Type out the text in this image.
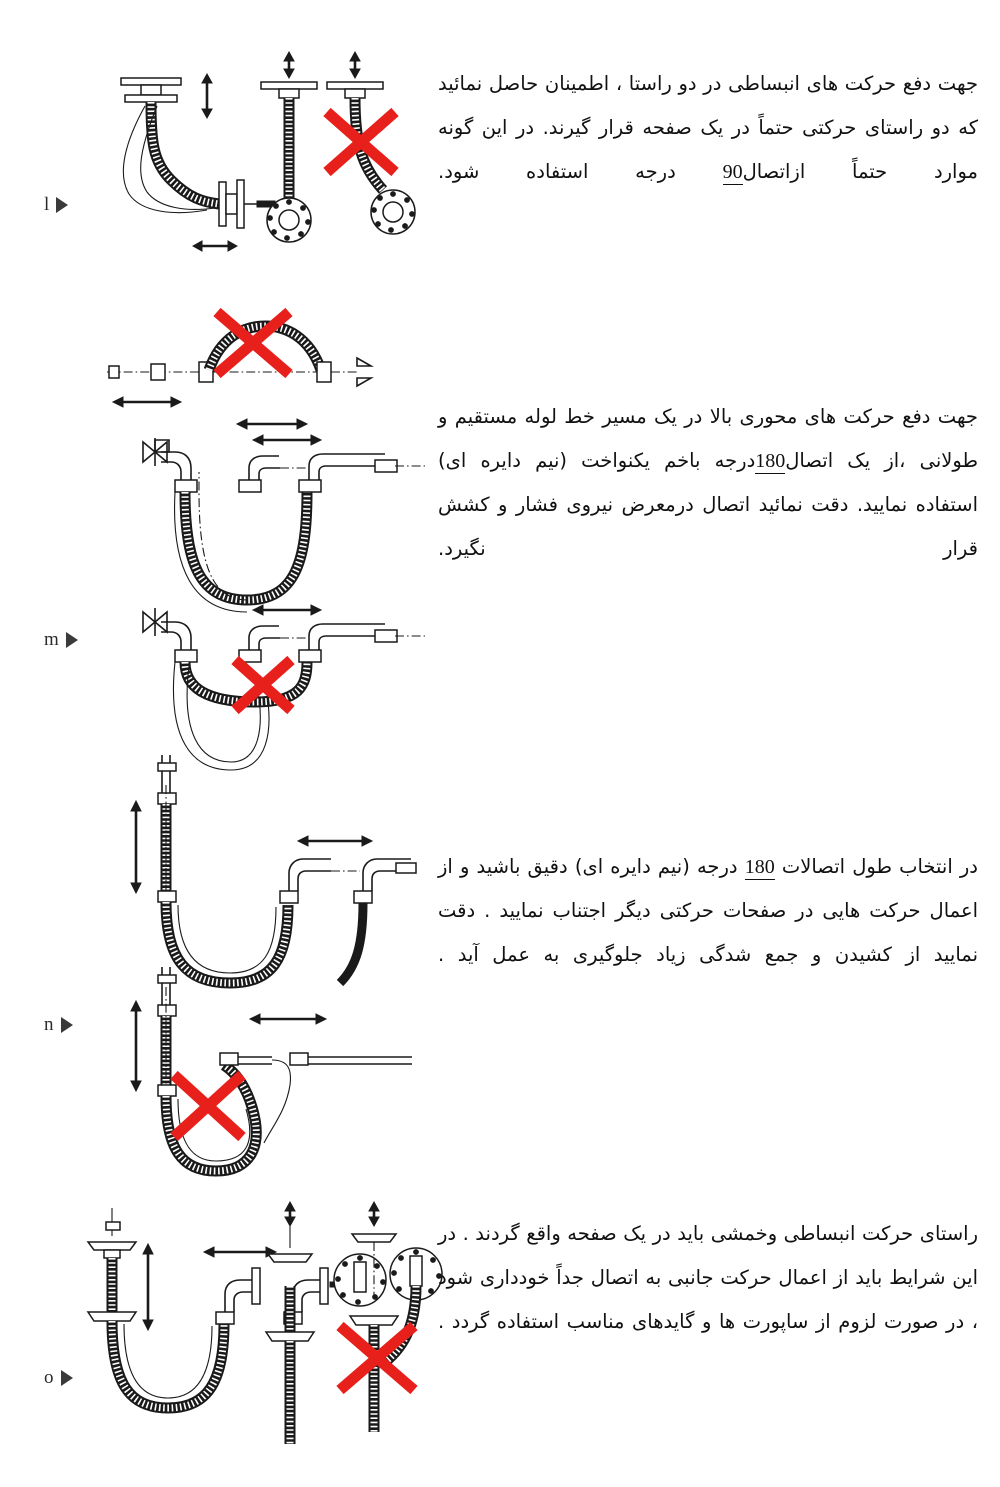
l
جهت دفع حرکت های انبساطی در دو راستا ، اطمینان حاصل نمائید که دو راستای حرکتی حتماً در یک صفحه قرار گیرند. در این گونه موارد حتماً ازاتصال90 درجه استفاده شود.
m
جهت دفع حرکت های محوری بالا در یک مسیر خط لوله مستقیم و طولانی ،از یک اتصال180درجه باخم یکنواخت (نیم دایره ای) استفاده نمایید. دقت نمائید اتصال درمعرض نیروی فشار و کشش قرار نگیرد.
n
در انتخاب طول اتصالات 180 درجه (نیم دایره ای) دقیق باشید و از اعمال حرکت هایی در صفحات حرکتی دیگر اجتناب نمایید . دقت نمایید از کشیدن و جمع شدگی زیاد جلوگیری به عمل آید .
o
راستای حرکت انبساطی وخمشی باید در یک صفحه واقع گردند . در این شرایط باید از اعمال حرکت جانبی به اتصال جداً خودداری شود ، در صورت لزوم از ساپورت ها و گایدهای مناسب استفاده گردد .
